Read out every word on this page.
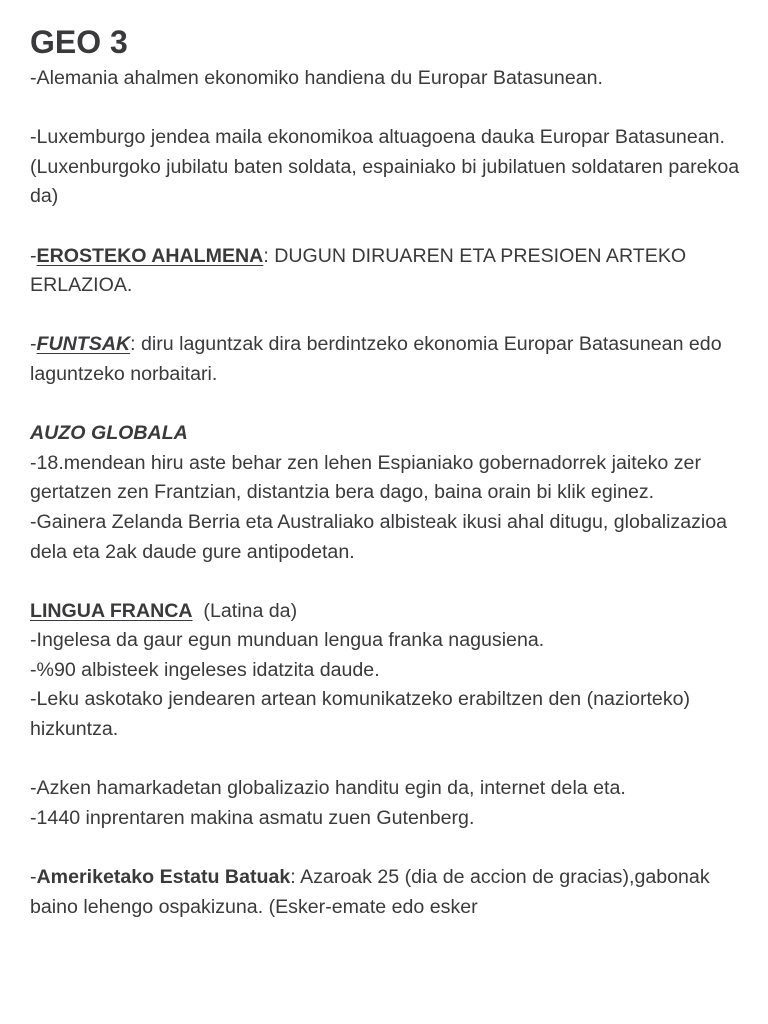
GEO 3

-Alemania ahalmen ekonomiko handiena du Europar Batasunean.

-Luxemburgo jendea maila ekonomikoa altuagoena dauka Europar Batasunean. (Luxenburgoko jubilatu baten soldata, espainiako bi jubilatuen soldataren parekoa da)

-EROSTEKO AHALMENA: DUGUN DIRUAREN ETA PRESIOEN ARTEKO ERLAZIOA.

-FUNTSAK: diru laguntzak dira berdintzeko ekonomia Europar Batasunean edo laguntzeko norbaitari.

AUZO GLOBALA

-18.mendean hiru aste behar zen lehen Espianiako gobernadorrek jaiteko zer gertatzen zen Frantzian, distantzia bera dago, baina orain bi klik eginez.

-Gainera Zelanda Berria eta Australiako albisteak ikusi ahal ditugu, globalizazioa dela eta 2ak daude gure antipodetan.

LINGUA FRANCA  (Latina da)

-Ingelesa da gaur egun munduan lengua franka nagusiena.

-%90 albisteek ingeleses idatzita daude.

-Leku askotako jendearen artean komunikatzeko erabiltzen den (naziorteko) hizkuntza.

-Azken hamarkadetan globalizazio handitu egin da, internet dela eta.

-1440 inprentaren makina asmatu zuen Gutenberg.

-Ameriketako Estatu Batuak: Azaroak 25 (dia de accion de gracias),gabonak baino lehengo ospakizuna. (Esker-emate edo esker
